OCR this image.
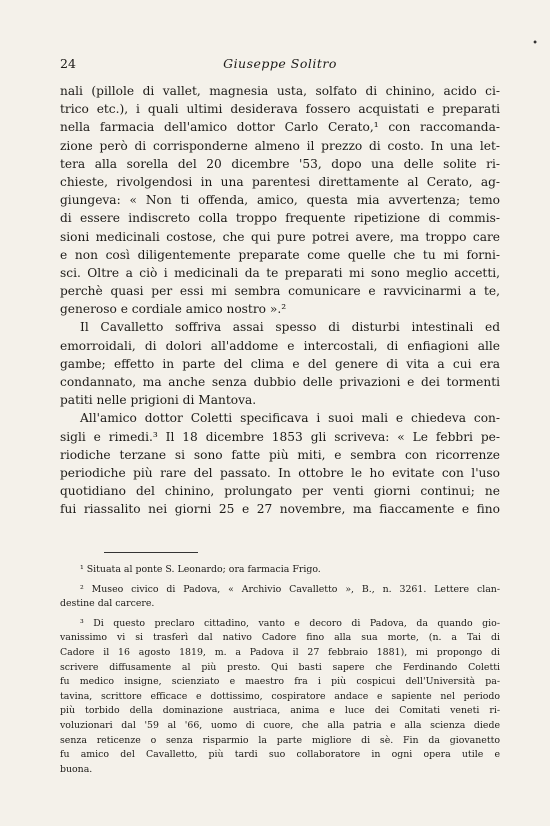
•
24	Giuseppe Solitro
nali (pillole di vallet, magnesia usta, solfato di chinino, acido ci-
trico etc.), i quali ultimi desiderava fossero acquistati e preparati
nella farmacia dell'amico dottor Carlo Cerato,¹ con raccomanda-
zione però di corrisponderne almeno il prezzo di costo. In una let-
tera alla sorella del 20 dicembre '53, dopo una delle solite ri-
chieste, rivolgendosi in una parentesi direttamente al Cerato, ag-
giungeva: « Non ti offenda, amico, questa mia avvertenza; temo
di essere indiscreto colla troppo frequente ripetizione di commis-
sioni medicinali costose, che qui pure potrei avere, ma troppo care
e non così diligentemente preparate come quelle che tu mi forni-
sci. Oltre a ciò i medicinali da te preparati mi sono meglio accetti,
perchè quasi per essi mi sembra comunicare e ravvicinarmi a te,
generoso e cordiale amico nostro ».²
Il Cavalletto soffriva assai spesso di disturbi intestinali ed
emorroidali, di dolori all'addome e intercostali, di enfiagioni alle
gambe; effetto in parte del clima e del genere di vita a cui era
condannato, ma anche senza dubbio delle privazioni e dei tormenti
patiti nelle prigioni di Mantova.
All'amico dottor Coletti specificava i suoi mali e chiedeva con-
sigli e rimedi.³ Il 18 dicembre 1853 gli scriveva: « Le febbri pe-
riodiche terzane si sono fatte più miti, e sembra con ricorrenze
periodiche più rare del passato. In ottobre le ho evitate con l'uso
quotidiano del chinino, prolungato per venti giorni continui; ne
fui riassalito nei giorni 25 e 27 novembre, ma fiaccamente e fino
¹ Situata al ponte S. Leonardo; ora farmacia Frigo.
² Museo civico di Padova, « Archivio Cavalletto », B., n. 3261. Lettere clan-
destine dal carcere.
³ Di questo preclaro cittadino, vanto e decoro di Padova, da quando gio-
vanissimo vi si trasferì dal nativo Cadore fino alla sua morte, (n. a Tai di
Cadore il 16 agosto 1819, m. a Padova il 27 febbraio 1881), mi propongo di
scrivere diffusamente al più presto. Qui basti sapere che Ferdinando Coletti
fu medico insigne, scienziato e maestro fra i più cospicui dell'Università pa-
tavina, scrittore efficace e dottissimo, cospiratore andace e sapiente nel periodo
più torbido della dominazione austriaca, anima e luce dei Comitati veneti ri-
voluzionari dal '59 al '66, uomo di cuore, che alla patria e alla scienza diede
senza reticenze o senza risparmio la parte migliore di sè. Fin da giovanetto
fu amico del Cavalletto, più tardi suo collaboratore in ogni opera utile e
buona.
